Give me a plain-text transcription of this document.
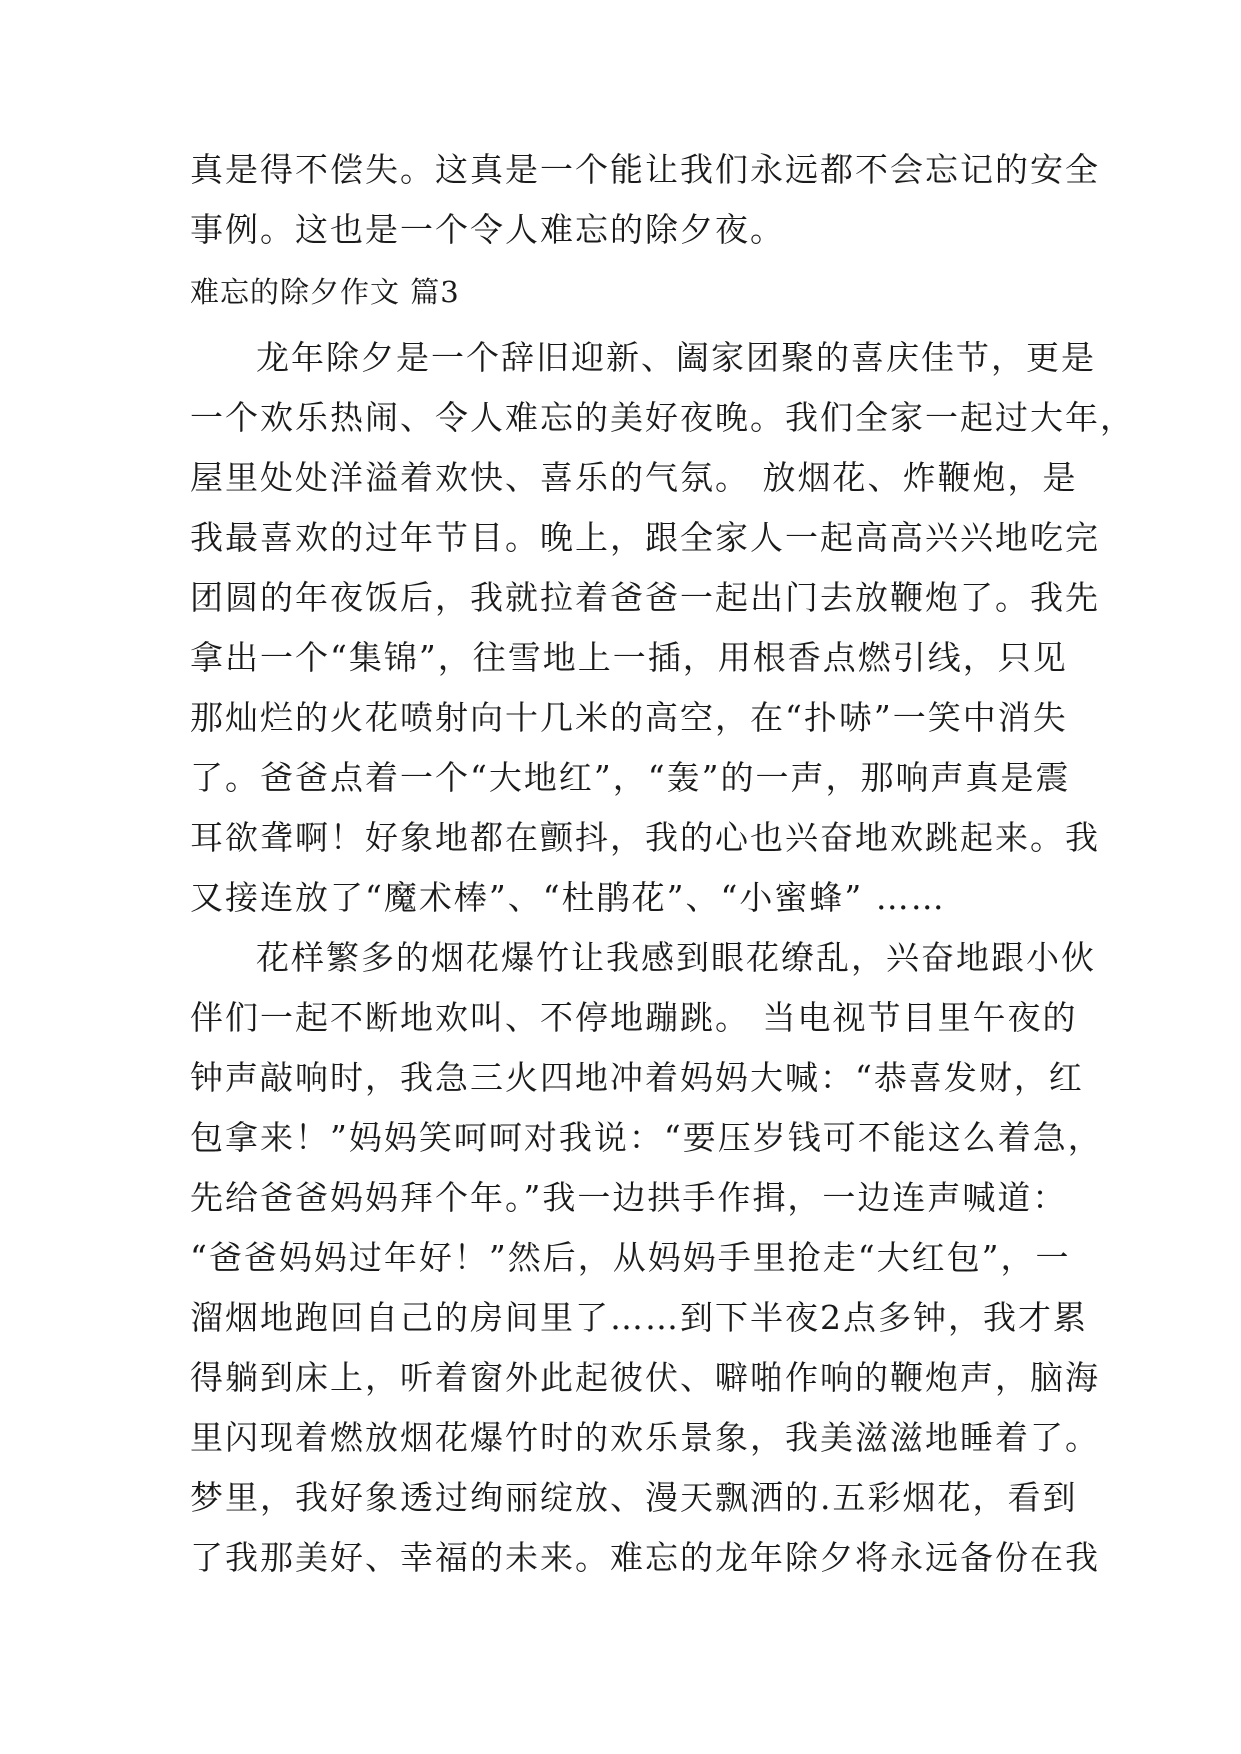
真是得不偿失。这真是一个能让我们永远都不会忘记的安全
事例。这也是一个令人难忘的除夕夜。
难忘的除夕作文 篇3
龙年除夕是一个辞旧迎新、阖家团聚的喜庆佳节，更是
一个欢乐热闹、令人难忘的美好夜晚。我们全家一起过大年，
屋里处处洋溢着欢快、喜乐的气氛。 放烟花、炸鞭炮，是
我最喜欢的过年节目。晚上，跟全家人一起高高兴兴地吃完
团圆的年夜饭后，我就拉着爸爸一起出门去放鞭炮了。我先
拿出一个“集锦”，往雪地上一插，用根香点燃引线，只见
那灿烂的火花喷射向十几米的高空，在“扑哧”一笑中消失
了。爸爸点着一个“大地红”，“轰”的一声，那响声真是震
耳欲聋啊！好象地都在颤抖，我的心也兴奋地欢跳起来。我
又接连放了“魔术棒”、“杜鹃花”、“小蜜蜂” ……
花样繁多的烟花爆竹让我感到眼花缭乱，兴奋地跟小伙
伴们一起不断地欢叫、不停地蹦跳。 当电视节目里午夜的
钟声敲响时，我急三火四地冲着妈妈大喊：“恭喜发财，红
包拿来！”妈妈笑呵呵对我说：“要压岁钱可不能这么着急，
先给爸爸妈妈拜个年。”我一边拱手作揖，一边连声喊道：
“爸爸妈妈过年好！”然后，从妈妈手里抢走“大红包”，一
溜烟地跑回自己的房间里了……到下半夜2点多钟，我才累
得躺到床上，听着窗外此起彼伏、噼啪作响的鞭炮声，脑海
里闪现着燃放烟花爆竹时的欢乐景象，我美滋滋地睡着了。
梦里，我好象透过绚丽绽放、漫天飘洒的.五彩烟花，看到
了我那美好、幸福的未来。难忘的龙年除夕将永远备份在我
